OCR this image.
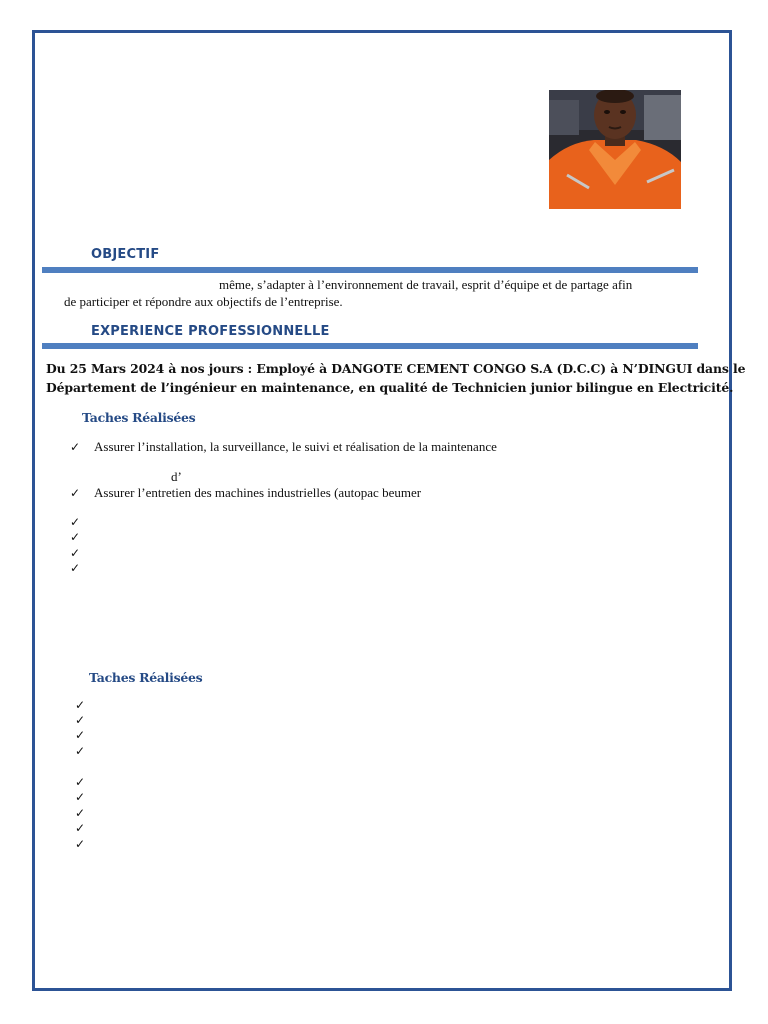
OBJECTIF
même, s’adapter à l’environnement de travail, esprit d’équipe et de partage afin
de participer et répondre aux objectifs de l’entreprise.
EXPERIENCE PROFESSIONNELLE
Du 25 Mars 2024 à nos jours : Employé à DANGOTE CEMENT CONGO S.A (D.C.C) à N’DINGUI dans le
Département de l’ingénieur en maintenance, en qualité de Technicien junior bilingue en Electricité.
Taches Réalisées
✓ Assurer l’installation, la surveillance, le suivi et réalisation de la maintenance
d’
✓ Assurer l’entretien des machines industrielles (autopac beumer
✓
✓
✓
✓
Taches Réalisées
✓
✓
✓
✓
✓
✓
✓
✓
✓
